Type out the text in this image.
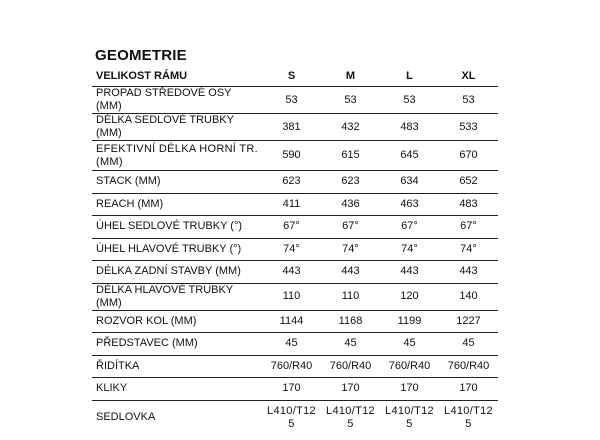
GEOMETRIE
VELIKOST RÁMU	S	M	L	XL
PROPAD STŘEDOVÉ OSY (MM)	53	53	53	53
DÉLKA SEDLOVÉ TRUBKY (MM)	381	432	483	533
EFEKTIVNÍ DÉLKA HORNÍ TR. (MM)	590	615	645	670
STACK (MM)	623	623	634	652
REACH (MM)	411	436	463	483
ÚHEL SEDLOVÉ TRUBKY (°)	67°	67°	67°	67°
ÚHEL HLAVOVÉ TRUBKY (°)	74°	74°	74°	74°
DÉLKA ZADNÍ STAVBY (MM)	443	443	443	443
DÉLKA HLAVOVÉ TRUBKY (MM)	110	110	120	140
ROZVOR KOL (MM)	1144	1168	1199	1227
PŘEDSTAVEC (MM)	45	45	45	45
ŘIDÍTKA	760/R40	760/R40	760/R40	760/R40
KLIKY	170	170	170	170
SEDLOVKA	L410/T125	L410/T125	L410/T125	L410/T125
